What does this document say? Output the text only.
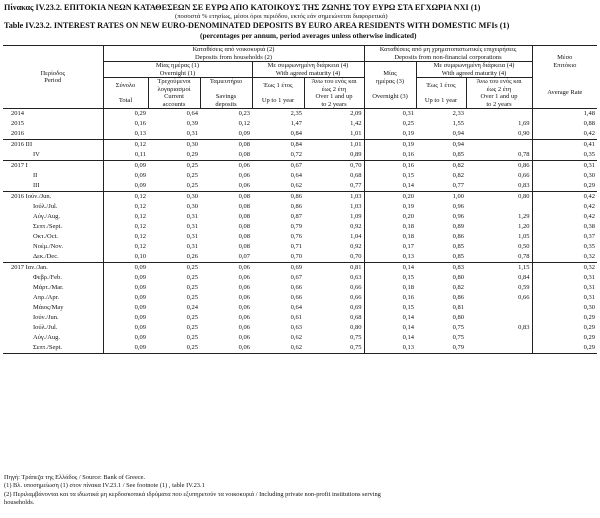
Πίνακας IV.23.2. ΕΠΙΤΟΚΙΑ ΝΕΩΝ ΚΑΤΑΘΕΣΕΩΝ ΣΕ ΕΥΡΩ ΑΠΟ ΚΑΤΟΙΚΟΥΣ ΤΗΣ ΖΩΝΗΣ ΤΟΥ ΕΥΡΩ ΣΤΑ ΕΓΧΩΡΙΑ ΝΧΙ (1)
(ποσοστά % ετησίως, μέσοι όροι περιόδου, εκτός εάν σημειώνεται διαφορετικά)
Table IV.23.2. INTEREST RATES ON NEW EURO-DENOMINATED DEPOSITS BY EURO AREA RESIDENTS WITH DOMESTIC MFIs (1)
(percentages per annum, period averages unless otherwise indicated)
Περίοδος
Period	Καταθέσεις από νοικοκυριά (2)
Deposits from households (2)					Καταθέσεις από μη χρηματοπιστωτικές επιχειρήσεις
Deposits from non-financial corporations			Μέσο
Επιτόκιο
	Μίας ημέρας (1)
Overnight (1)			Με συμφωνημένη διάρκεια (4)
With agreed maturity (4)		Μίας
ημέρας (3)

Overnight (3)	Με συμφωνημένη διάρκεια (4)
With agreed maturity (4)		
	Σύνολο

Total	Τρεχούμενοι
λογαριασμοί
Current
accounts	Ταμιευτήριο

Savings
deposits	Έως 1 έτος

Up to 1 year	Άνω του ενός και
έως 2 έτη
Over 1 and up
to 2 years		Έως 1 έτος

Up to 1 year	Άνω του ενός και
έως 2 έτη
Over 1 and up
to 2 years	Average Rate
2014	0,29	0,64	0,23	2,35	2,09	0,31	2,33		1,48
2015	0,16	0,39	0,12	1,47	1,42	0,25	1,55	1,69	0,88
2016	0,13	0,31	0,09	0,84	1,01	0,19	0,94	0,90	0,42
2016 III	0,12	0,30	0,08	0,84	1,01	0,19	0,94		0,41
IV	0,11	0,29	0,08	0,72	0,89	0,16	0,85	0,78	0,35
2017 I	0,09	0,25	0,06	0,67	0,70	0,16	0,82	0,86	0,31
II	0,09	0,25	0,06	0,64	0,68	0,15	0,82	0,66	0,30
III	0,09	0,25	0,06	0,62	0,77	0,14	0,77	0,83	0,29
2016 Ιούν./Jun.	0,12	0,30	0,08	0,86	1,03	0,20	1,00	0,80	0,42
Ιούλ./Jul.	0,12	0,30	0,08	0,86	1,03	0,19	0,96		0,42
Αύγ./Aug.	0,12	0,31	0,08	0,87	1,09	0,20	0,96	1,29	0,42
Σεπτ./Sept.	0,12	0,31	0,08	0,79	0,92	0,18	0,89	1,20	0,38
Οκτ./Oct.	0,12	0,31	0,08	0,76	1,04	0,18	0,86	1,05	0,37
Νοέμ./Nov.	0,12	0,31	0,08	0,71	0,92	0,17	0,85	0,50	0,35
Δεκ./Dec.	0,10	0,26	0,07	0,70	0,70	0,13	0,85	0,78	0,32
2017 Ιαν./Jan.	0,09	0,25	0,06	0,69	0,81	0,14	0,83	1,15	0,32
Φεβρ./Feb.	0,09	0,25	0,06	0,67	0,63	0,15	0,80	0,84	0,31
Μάρτ./Mar.	0,09	0,25	0,06	0,66	0,66	0,18	0,82	0,59	0,31
Απρ./Apr.	0,09	0,25	0,06	0,66	0,66	0,16	0,86	0,66	0,31
Μάιος/May	0,09	0,24	0,06	0,64	0,69	0,15	0,81		0,30
Ιούν./Jun.	0,09	0,25	0,06	0,61	0,68	0,14	0,80		0,29
Ιούλ./Jul.	0,09	0,25	0,06	0,63	0,80	0,14	0,75	0,83	0,29
Αύγ./Aug.	0,09	0,25	0,06	0,62	0,75	0,14	0,75		0,29
Σεπτ./Sept.	0,09	0,25	0,06	0,62	0,75	0,13	0,79		0,29
Πηγή: Τράπεζα της Ελλάδος / Source: Bank of Greece.
(1) Βλ. υποσημείωση (1) στον πίνακα IV.23.1 / See footnote (1) , table IV.23.1
(2) Περιλαμβάνονται και τα ιδιωτικά μη κερδοσκοπικά ιδρύματα που εξυπηρετούν τα νοικοκυριά / Including private non-profit institutions serving
households.
